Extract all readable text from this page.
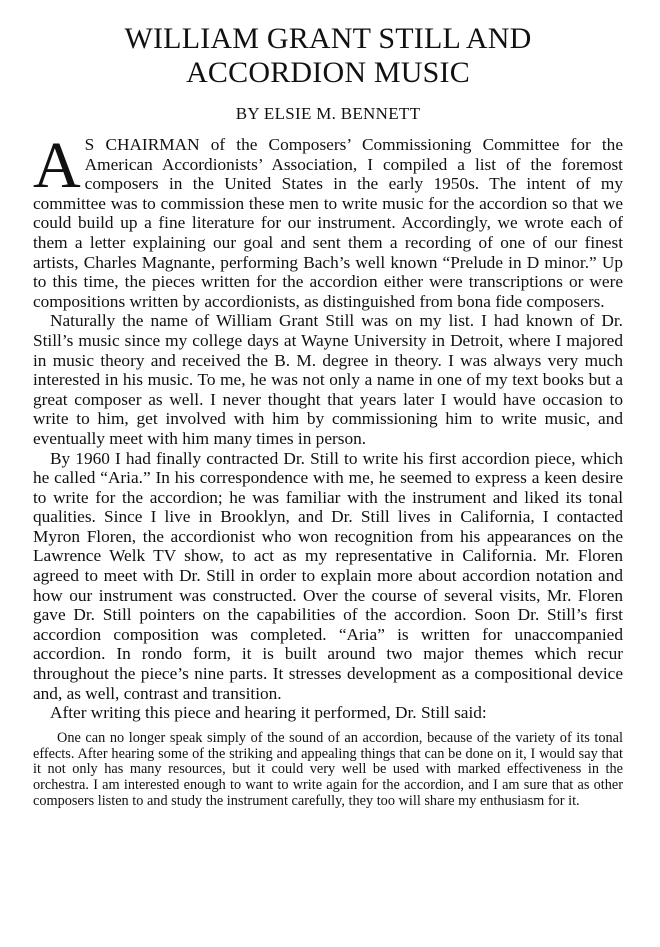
WILLIAM GRANT STILL AND
ACCORDION MUSIC
BY ELSIE M. BENNETT

A S CHAIRMAN of the Composers’ Commissioning Committee for the American Accordionists’ Association, I compiled a list of the foremost composers in the United States in the early 1950s. The intent of my committee was to commission these men to write music for the accordion so that we could build up a fine literature for our instrument. Accordingly, we wrote each of them a letter explaining our goal and sent them a recording of one of our finest artists, Charles Magnante, performing Bach’s well known “Prelude in D minor.” Up to this time, the pieces written for the accordion either were transcriptions or were compositions written by accordionists, as distinguished from bona fide composers.

Naturally the name of William Grant Still was on my list. I had known of Dr. Still’s music since my college days at Wayne University in Detroit, where I majored in music theory and received the B. M. degree in theory. I was always very much interested in his music. To me, he was not only a name in one of my text books but a great composer as well. I never thought that years later I would have occasion to write to him, get involved with him by commissioning him to write music, and eventually meet with him many times in person.

By 1960 I had finally contracted Dr. Still to write his first accordion piece, which he called “Aria.” In his correspondence with me, he seemed to express a keen desire to write for the accordion; he was familiar with the instrument and liked its tonal qualities. Since I live in Brooklyn, and Dr. Still lives in California, I contacted Myron Floren, the accordionist who won recognition from his appearances on the Lawrence Welk TV show, to act as my representative in California. Mr. Floren agreed to meet with Dr. Still in order to explain more about accordion notation and how our instrument was constructed. Over the course of several visits, Mr. Floren gave Dr. Still pointers on the capabilities of the accordion. Soon Dr. Still’s first accordion composition was completed. “Aria” is written for unaccompanied accordion. In rondo form, it is built around two major themes which recur throughout the piece’s nine parts. It stresses development as a compositional device and, as well, contrast and transition.

After writing this piece and hearing it performed, Dr. Still said:

One can no longer speak simply of the sound of an accordion, because of the variety of its tonal effects. After hearing some of the striking and appealing things that can be done on it, I would say that it not only has many resources, but it could very well be used with marked effectiveness in the orchestra. I am interested enough to want to write again for the accordion, and I am sure that as other composers listen to and study the instrument carefully, they too will share my enthusiasm for it.
